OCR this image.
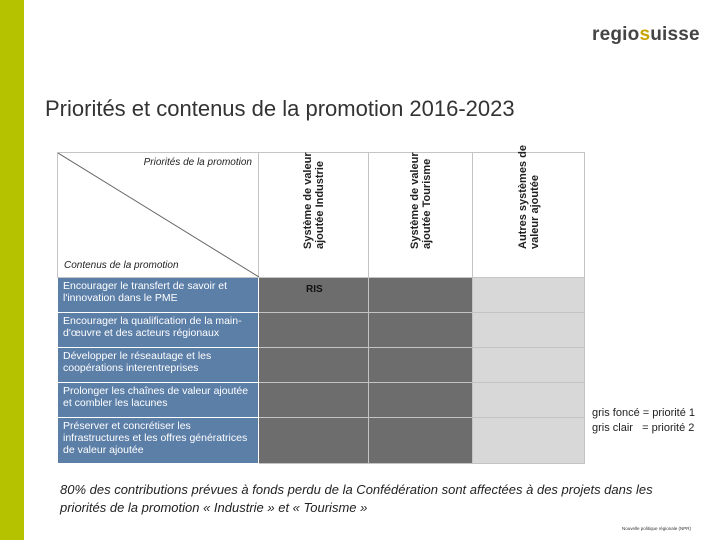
regiosuisse
Priorités et contenus de la promotion 2016-2023
Priorités de la promotion
Contenus de la promotion	Système de valeur ajoutée Industrie	Système de valeur ajoutée Tourisme	Autres systèmes de valeur ajoutée

Encourager le transfert de savoir et l'innovation dans le PME	RIS		
Encourager la qualification de la main-d'œuvre et des acteurs régionaux			
Développer le réseautage et les coopérations interentreprises			
Prolonger les chaînes de valeur ajoutée et combler les lacunes			
Préserver et concrétiser les infrastructures et les offres génératrices de valeur ajoutée			
gris foncé = priorité 1
gris clair   = priorité 2
80% des contributions prévues à fonds perdu de la Confédération sont affectées à des projets dans les priorités de la promotion « Industrie » et « Tourisme »
Nouvelle politique régionale (NPR)
